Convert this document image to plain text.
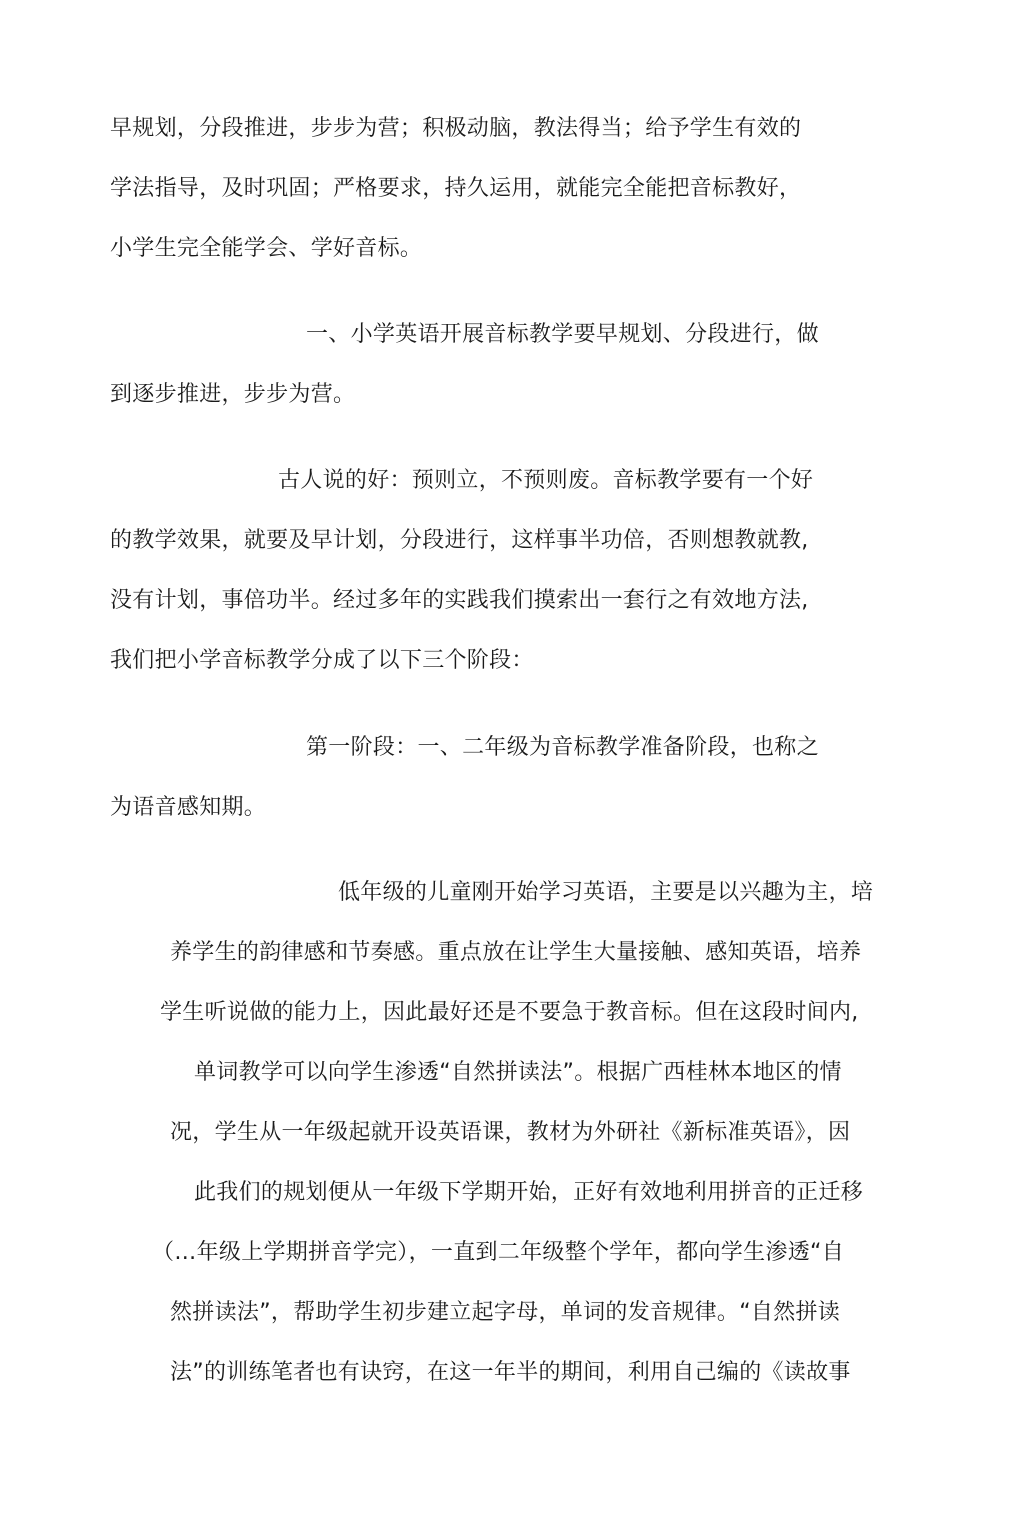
早规划，分段推进，步步为营；积极动脑，教法得当；给予学生有效的
学法指导，及时巩固；严格要求，持久运用，就能完全能把音标教好，
小学生完全能学会、学好音标。
一、小学英语开展音标教学要早规划、分段进行，做
到逐步推进，步步为营。
古人说的好：预则立，不预则废。音标教学要有一个好
的教学效果，就要及早计划，分段进行，这样事半功倍，否则想教就教,
没有计划，事倍功半。经过多年的实践我们摸索出一套行之有效地方法,
我们把小学音标教学分成了以下三个阶段：
第一阶段：一、二年级为音标教学准备阶段，也称之
为语音感知期。
低年级的儿童刚开始学习英语，主要是以兴趣为主，培
养学生的韵律感和节奏感。重点放在让学生大量接触、感知英语，培养
学生听说做的能力上，因此最好还是不要急于教音标。但在这段时间内,
单词教学可以向学生渗透“自然拼读法”。根据广西桂林本地区的情
况，学生从一年级起就开设英语课，教材为外研社《新标准英语》，因
此我们的规划便从一年级下学期开始，正好有效地利用拼音的正迁移
（…年级上学期拼音学完），一直到二年级整个学年，都向学生渗透“自
然拼读法”，帮助学生初步建立起字母，单词的发音规律。“自然拼读
法”的训练笔者也有诀窍，在这一年半的期间，利用自己编的《读故事
